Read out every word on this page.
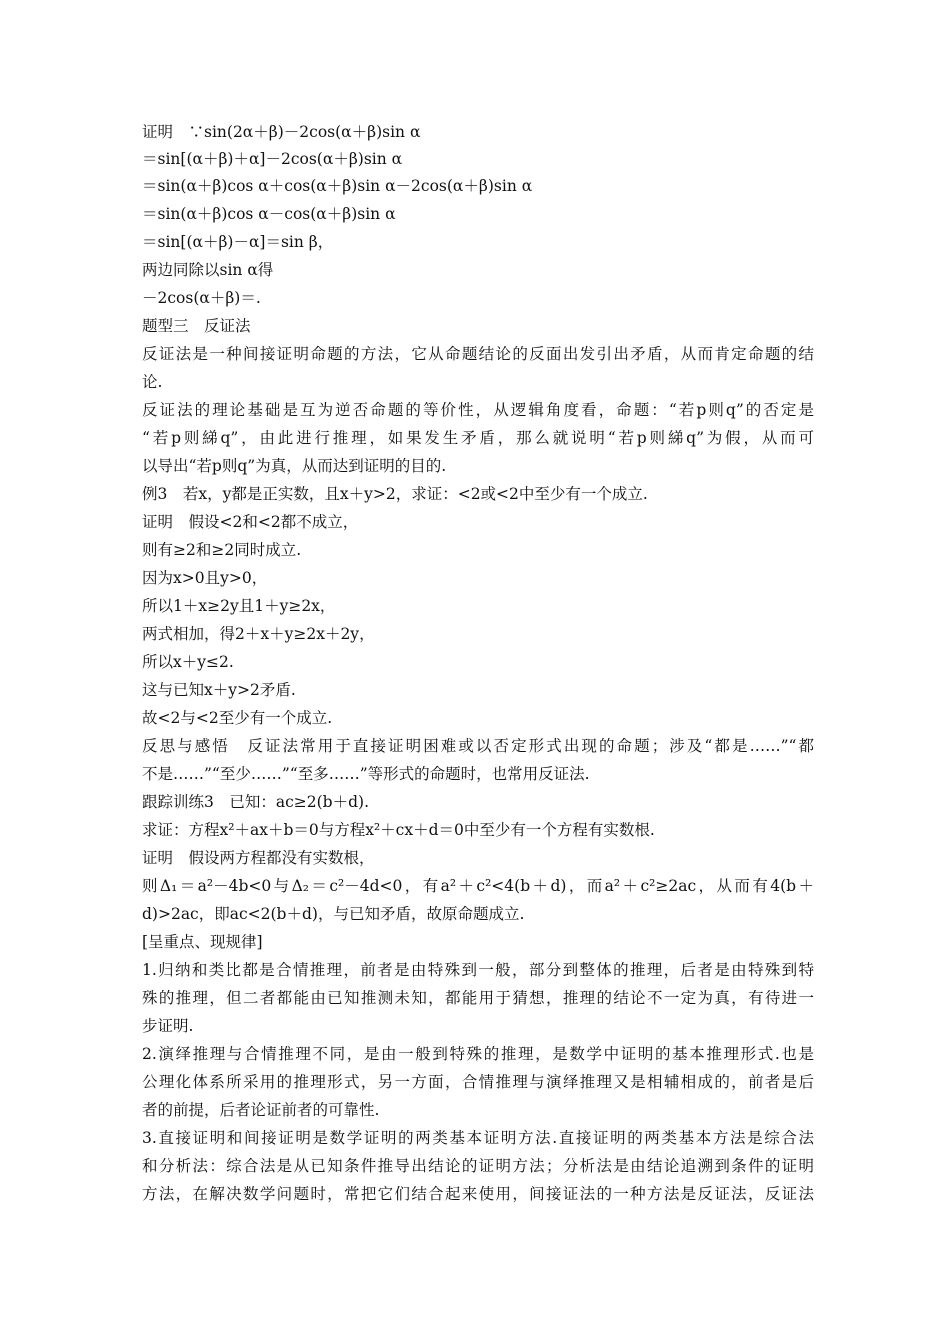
证明　∵sin(2α＋β)－2cos(α＋β)sin α
＝sin[(α＋β)＋α]－2cos(α＋β)sin α
＝sin(α＋β)cos α＋cos(α＋β)sin α－2cos(α＋β)sin α
＝sin(α＋β)cos α－cos(α＋β)sin α
＝sin[(α＋β)－α]＝sin β，
两边同除以sin α得
－2cos(α＋β)＝.
题型三　反证法
反证法是一种间接证明命题的方法，它从命题结论的反面出发引出矛盾，从而肯定命题的结
论.
反证法的理论基础是互为逆否命题的等价性，从逻辑角度看，命题：“若p则q”的否定是
“若p则綈q”，由此进行推理，如果发生矛盾，那么就说明“若p则綈q”为假，从而可
以导出“若p则q”为真，从而达到证明的目的.
例3　若x，y都是正实数，且x＋y>2，求证：<2或<2中至少有一个成立.
证明　假设<2和<2都不成立，
则有≥2和≥2同时成立.
因为x>0且y>0，
所以1＋x≥2y且1＋y≥2x，
两式相加，得2＋x＋y≥2x＋2y，
所以x＋y≤2.
这与已知x＋y>2矛盾.
故<2与<2至少有一个成立.
反思与感悟　反证法常用于直接证明困难或以否定形式出现的命题；涉及“都是……”“都
不是……”“至少……”“至多……”等形式的命题时，也常用反证法.
跟踪训练3　已知：ac≥2(b＋d).
求证：方程x²＋ax＋b＝0与方程x²＋cx＋d＝0中至少有一个方程有实数根.
证明　假设两方程都没有实数根，
则Δ₁＝a²－4b<0与Δ₂＝c²－4d<0，有a²＋c²<4(b＋d)，而a²＋c²≥2ac，从而有4(b＋
d)>2ac，即ac<2(b＋d)，与已知矛盾，故原命题成立.
[呈重点、现规律]
1.归纳和类比都是合情推理，前者是由特殊到一般，部分到整体的推理，后者是由特殊到特
殊的推理，但二者都能由已知推测未知，都能用于猜想，推理的结论不一定为真，有待进一
步证明.
2.演绎推理与合情推理不同，是由一般到特殊的推理，是数学中证明的基本推理形式.也是
公理化体系所采用的推理形式，另一方面，合情推理与演绎推理又是相辅相成的，前者是后
者的前提，后者论证前者的可靠性.
3.直接证明和间接证明是数学证明的两类基本证明方法.直接证明的两类基本方法是综合法
和分析法：综合法是从已知条件推导出结论的证明方法；分析法是由结论追溯到条件的证明
方法，在解决数学问题时，常把它们结合起来使用，间接证法的一种方法是反证法，反证法
